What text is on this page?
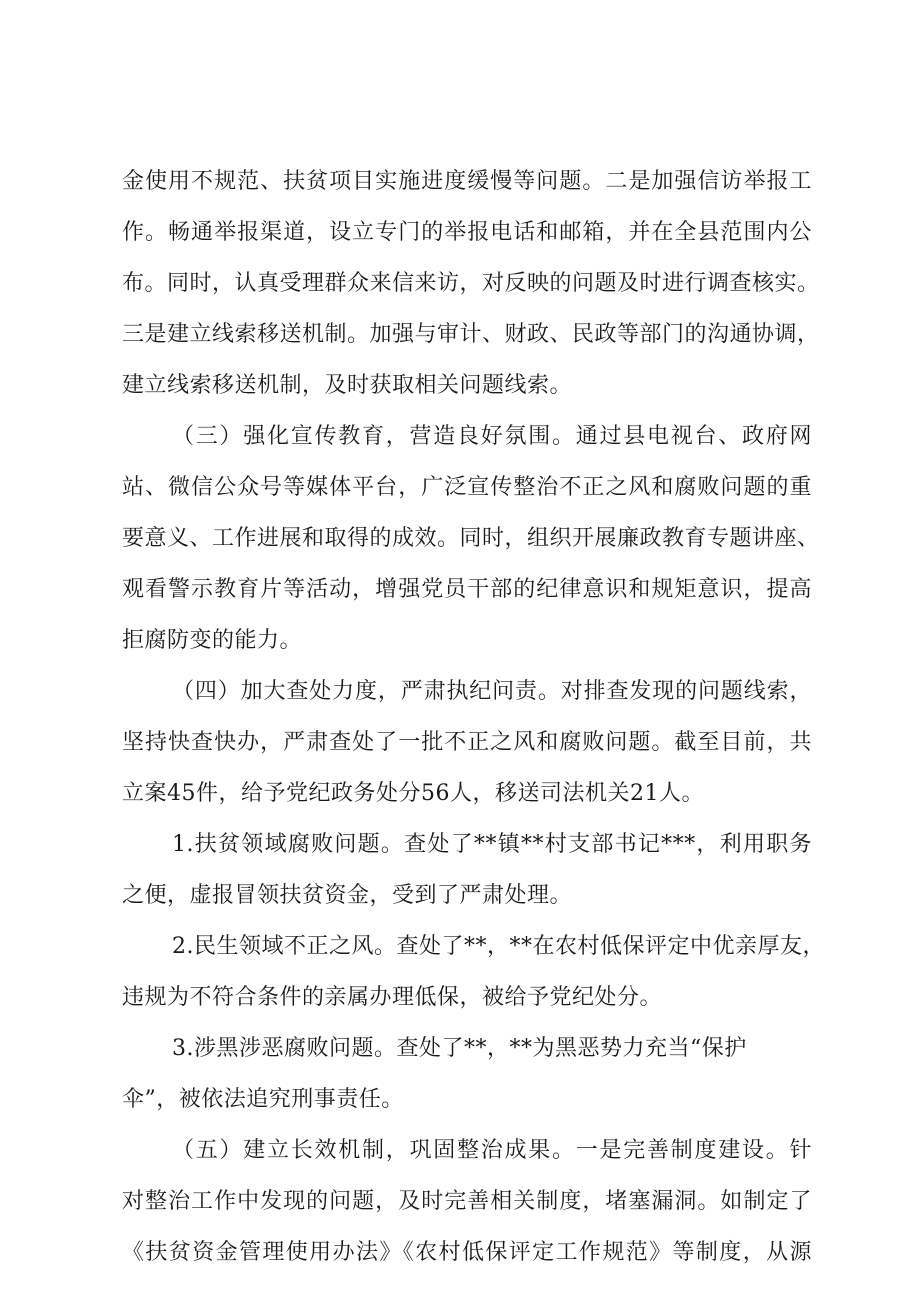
金使用不规范、扶贫项目实施进度缓慢等问题。二是加强信访举报工
作。畅通举报渠道，设立专门的举报电话和邮箱，并在全县范围内公
布。同时，认真受理群众来信来访，对反映的问题及时进行调查核实。
三是建立线索移送机制。加强与审计、财政、民政等部门的沟通协调，
建立线索移送机制，及时获取相关问题线索。
（三）强化宣传教育，营造良好氛围。通过县电视台、政府网
站、微信公众号等媒体平台，广泛宣传整治不正之风和腐败问题的重
要意义、工作进展和取得的成效。同时，组织开展廉政教育专题讲座、
观看警示教育片等活动，增强党员干部的纪律意识和规矩意识，提高
拒腐防变的能力。
（四）加大查处力度，严肃执纪问责。对排查发现的问题线索，
坚持快查快办，严肃查处了一批不正之风和腐败问题。截至目前，共
立案45件，给予党纪政务处分56人，移送司法机关21人。
1.扶贫领域腐败问题。查处了**镇**村支部书记***，利用职务
之便，虚报冒领扶贫资金，受到了严肃处理。
2.民生领域不正之风。查处了**，**在农村低保评定中优亲厚友，
违规为不符合条件的亲属办理低保，被给予党纪处分。
3.涉黑涉恶腐败问题。查处了**，**为黑恶势力充当“保护
伞”，被依法追究刑事责任。
（五）建立长效机制，巩固整治成果。一是完善制度建设。针
对整治工作中发现的问题，及时完善相关制度，堵塞漏洞。如制定了
《扶贫资金管理使用办法》《农村低保评定工作规范》等制度，从源
